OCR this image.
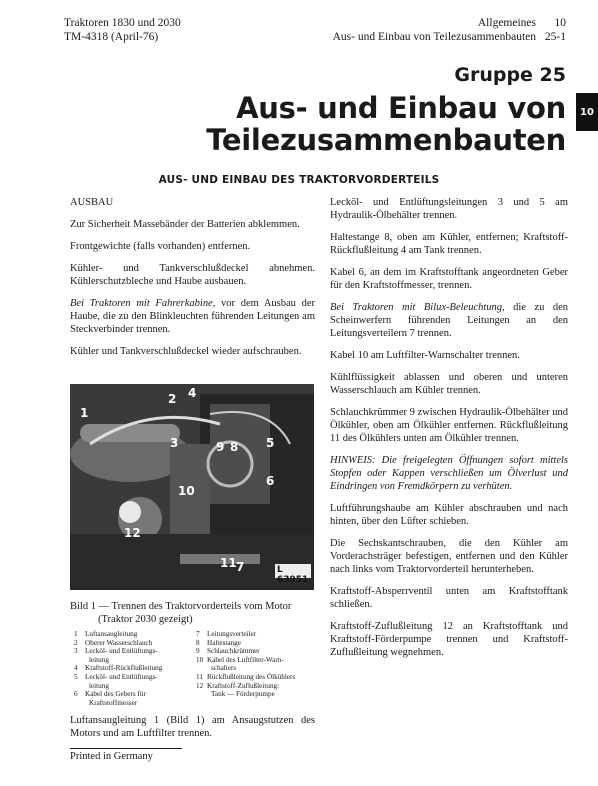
Traktoren 1830 und 2030
TM-4318 (April-76)
Allgemeines 10
Aus- und Einbau von Teilezusammenbauten 25-1
Gruppe 25
Aus- und Einbau von
Teilezusammenbauten
10
AUS- UND EINBAU DES TRAKTORVORDERTEILS

AUSBAU

Zur Sicherheit Massebänder der Batterien abklemmen.

Frontgewichte (falls vorhanden) entfernen.

Kühler- und Tankverschlußdeckel abnehmen. Kühlerschutzbleche und Haube ausbauen.

Bei Traktoren mit Fahrerkabine, vor dem Ausbau der Haube, die zu den Blinkleuchten führenden Leitungen am Steckverbinder trennen.

Kühler und Tankverschlußdeckel wieder aufschrauben.

1
2
3
4
5
6
7
8
9
10
11
12
L 63951
Bild 1 — Trennen des Traktorvorderteils vom Motor
(Traktor 2030 gezeigt)
1	Luftansaugleitung
2	Oberer Wasserschlauch
3	Lecköl- und Entlüftungs-
leitung
4	Kraftstoff-Rückflußleitung
5	Lecköl- und Entlüftungs-
leitung
6	Kabel des Gebers für
Kraftstoffmesser
7	Leitungsverteiler
8	Haltestange
9	Schlauchkrümmer
10 Kabel des Luftfilter-Warn-
schalters
11 Rückflußleitung des Ölkühlers
12 Kraftstoff-Zuflußleitung:
Tank — Förderpumpe
Luftansaugleitung 1 (Bild 1) am Ansaugstutzen des Motors und am Luftfilter trennen.
Printed in Germany

Lecköl- und Entlüftungsleitungen 3 und 5 am Hydraulik-Ölbehälter trennen.

Haltestange 8, oben am Kühler, entfernen; Kraftstoff-Rückflußleitung 4 am Tank trennen.

Kabel 6, an dem im Kraftstofftank angeordneten Geber für den Kraftstoffmesser, trennen.

Bei Traktoren mit Bilux-Beleuchtung, die zu den Scheinwerfern führenden Leitungen an den Leitungsverteilern 7 trennen.

Kabel 10 am Luftfilter-Warnschalter trennen.

Kühlflüssigkeit ablassen und oberen und unteren Wasserschlauch am Kühler trennen.

Schlauchkrümmer 9 zwischen Hydraulik-Ölbehälter und Ölkühler, oben am Ölkühler entfernen. Rückflußleitung 11 des Ölkühlers unten am Ölkühler trennen.

HINWEIS: Die freigelegten Öffnungen sofort mittels Stopfen oder Kappen verschließen um Ölverlust und Eindringen von Fremdkörpern zu verhüten.

Luftführungshaube am Kühler abschrauben und nach hinten, über den Lüfter schieben.

Die Sechskantschrauben, die den Kühler am Vorderachsträger befestigen, entfernen und den Kühler nach links vom Traktorvorderteil herunterheben.

Kraftstoff-Absperrventil unten am Kraftstofftank schließen.

Kraftstoff-Zuflußleitung 12 an Kraftstofftank und Kraftstoff-Förderpumpe trennen und Kraftstoff-Zuflußleitung wegnehmen.
